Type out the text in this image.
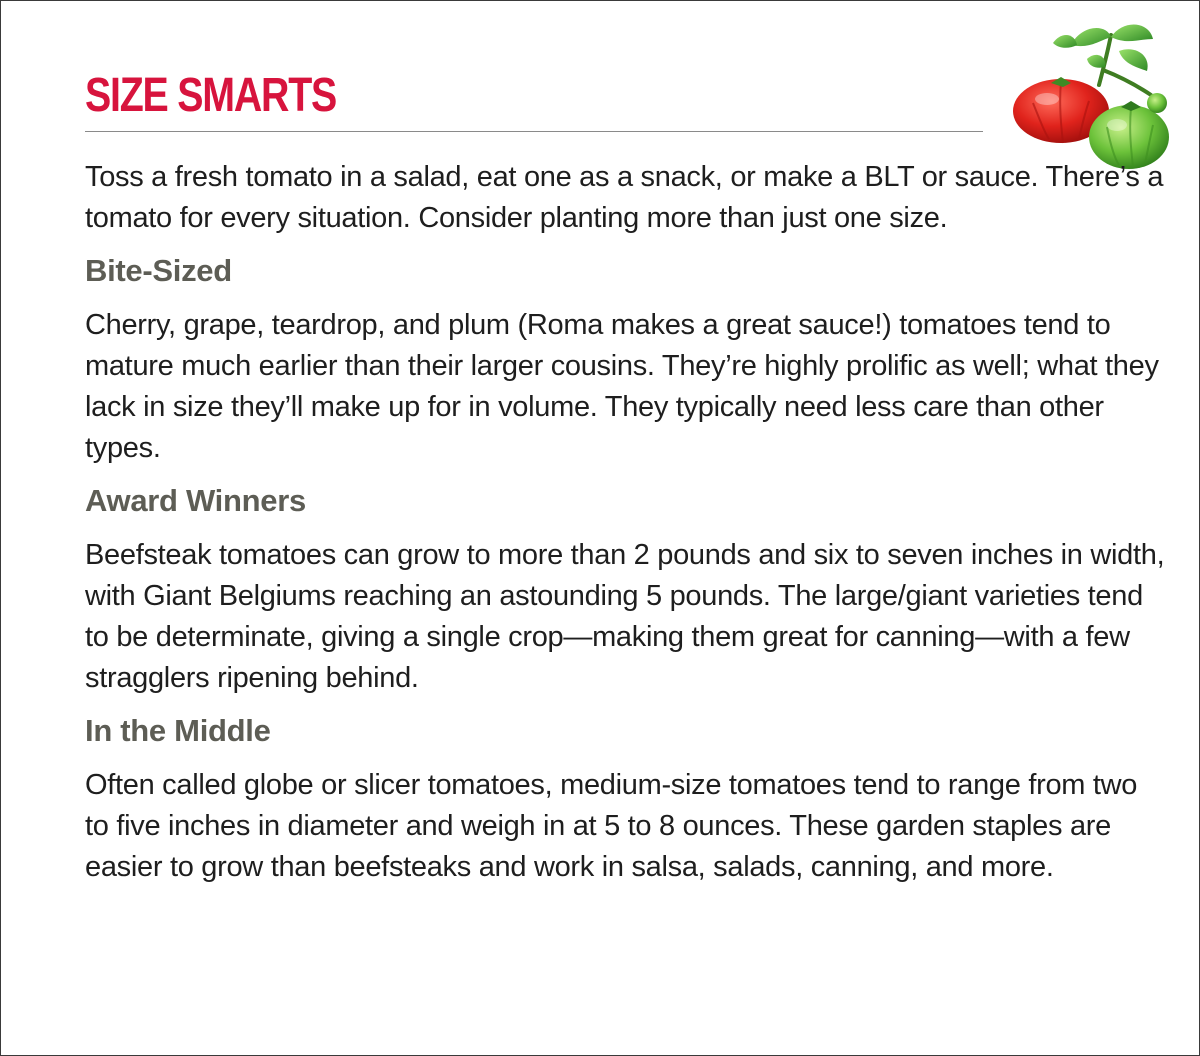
SIZE SMARTS

Toss a fresh tomato in a salad, eat one as a snack, or make a BLT or sauce. There’s a tomato for every situation. Consider planting more than just one size.

Bite-Sized

Cherry, grape, teardrop, and plum (Roma makes a great sauce!) tomatoes tend to mature much earlier than their larger cousins. They’re highly prolific as well; what they lack in size they’ll make up for in volume. They typically need less care than other types.

Award Winners

Beefsteak tomatoes can grow to more than 2 pounds and six to seven inches in width, with Giant Belgiums reaching an astounding 5 pounds. The large/giant varieties tend to be determinate, giving a single crop—making them great for canning—with a few stragglers ripening behind.

In the Middle

Often called globe or slicer tomatoes, medium-size tomatoes tend to range from two to five inches in diameter and weigh in at 5 to 8 ounces. These garden staples are easier to grow than beefsteaks and work in salsa, salads, canning, and more.
